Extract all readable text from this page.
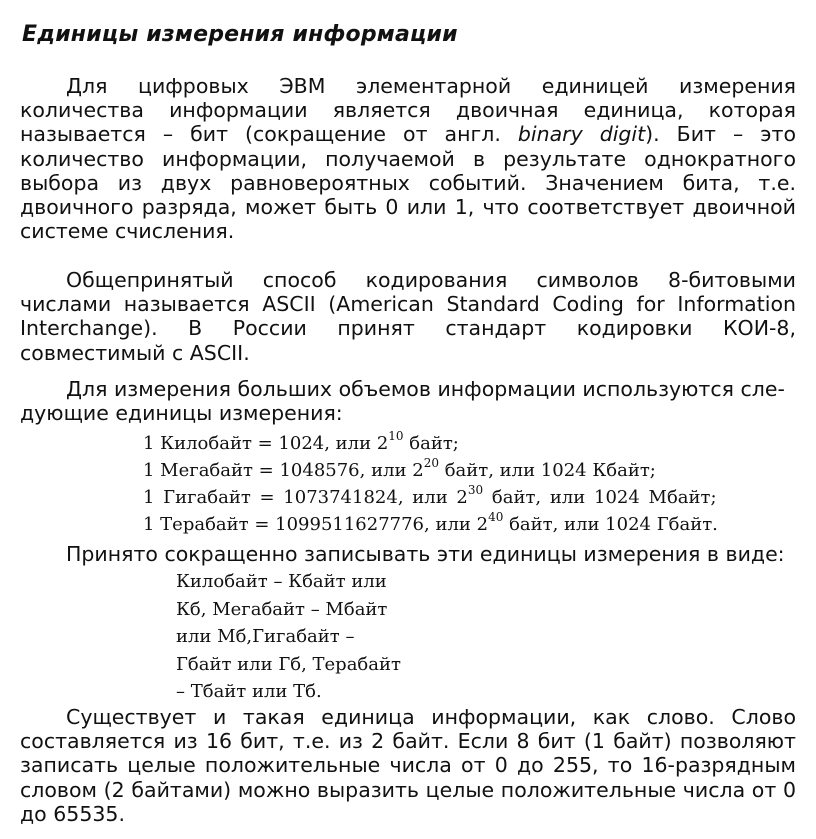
Единицы измерения информации
Для цифровых ЭВМ элементарной единицей измерения количества информации является двоичная единица, которая называется – бит (сокращение от англ. binary digit). Бит – это количество информации, получаемой в результате однократного выбора из двух равновероятных событий. Значением бита, т.е. двоичного разряда, может быть 0 или 1, что соответствует двоичной системе счисления.
Общепринятый способ кодирования символов 8-битовыми числами называется ASCII (American Standard Coding for Information Interchange). В России принят стандарт кодировки КОИ-8, совместимый с ASCII.
Для измерения больших объемов информации используются сле-
дующие единицы измерения:
1 Килобайт = 1024, или $2^{10}$ байт;
1 Мегабайт = 1048576, или $2^{20}$ байт, или 1024 Кбайт;
1 Гигабайт = 1073741824, или $2^{30}$ байт, или 1024 Мбайт;
1 Терабайт = 1099511627776, или $2^{40}$ байт, или 1024 Гбайт.
Принято сокращенно записывать эти единицы измерения в виде:
Килобайт – Кбайт или
Кб, Мегабайт – Мбайт
или Мб,Гигабайт –
Гбайт или Гб, Терабайт
– Тбайт или Тб.
Существует и такая единица информации, как слово. Слово составляется из 16 бит, т.е. из 2 байт. Если 8 бит (1 байт) позволяют записать целые положительные числа от 0 до 255, то 16-разрядным словом (2 байтами) можно выразить целые положительные числа от 0 до 65535.
